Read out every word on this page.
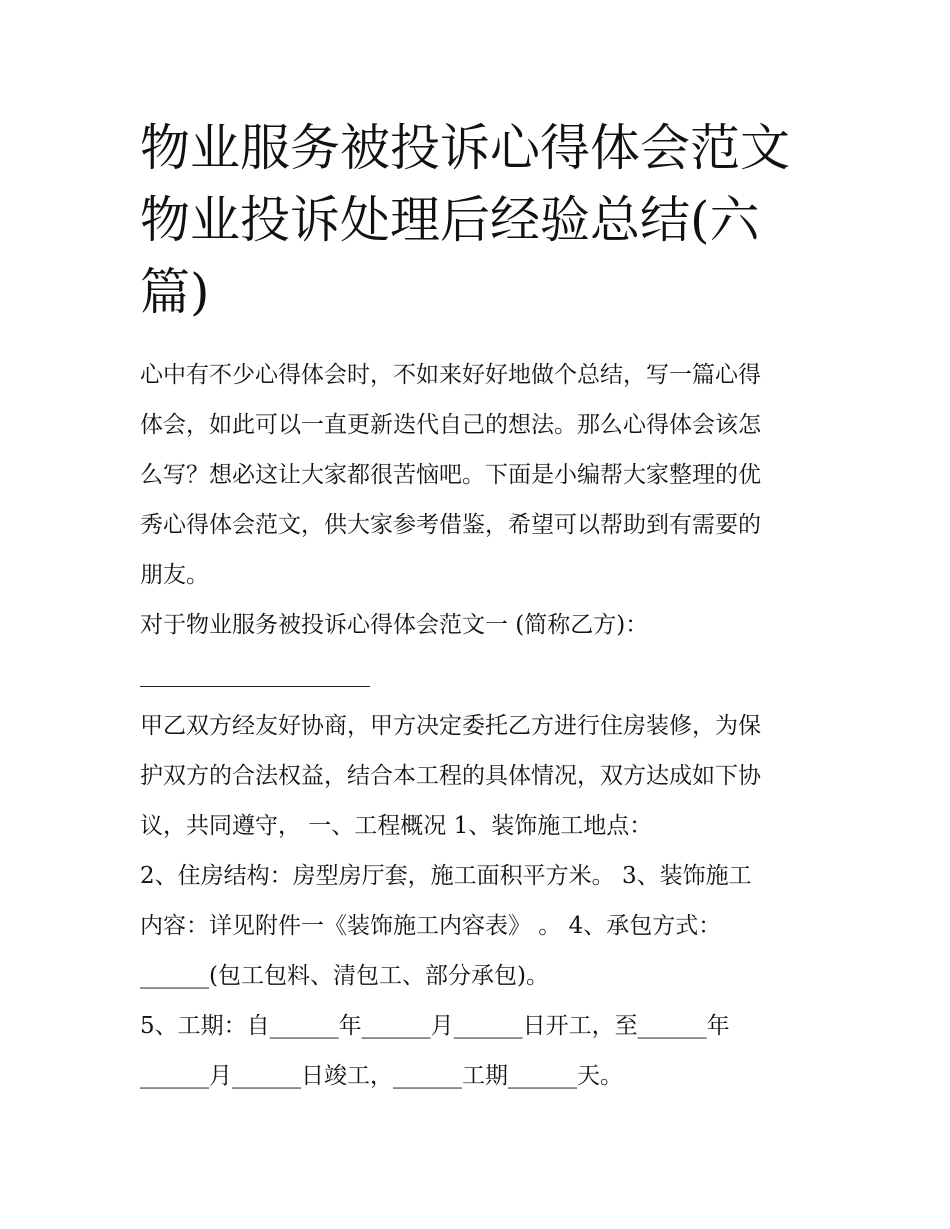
物业服务被投诉心得体会范文
物业投诉处理后经验总结(六
篇)

心中有不少心得体会时，不如来好好地做个总结，写一篇心得
体会，如此可以一直更新迭代自己的想法。那么心得体会该怎
么写？想必这让大家都很苦恼吧。下面是小编帮大家整理的优
秀心得体会范文，供大家参考借鉴，希望可以帮助到有需要的
朋友。

对于物业服务被投诉心得体会范文一 (简称乙方)：

甲乙双方经友好协商，甲方决定委托乙方进行住房装修，为保
护双方的合法权益，结合本工程的具体情况，双方达成如下协
议，共同遵守， 一、工程概况 1、装饰施工地点：

2、住房结构：房型房厅套，施工面积平方米。 3、装饰施工
内容：详见附件一《装饰施工内容表》 。 4、承包方式：
______(包工包料、清包工、部分承包)。

5、工期：自______年______月______日开工，至______年
______月______日竣工，______工期______天。
